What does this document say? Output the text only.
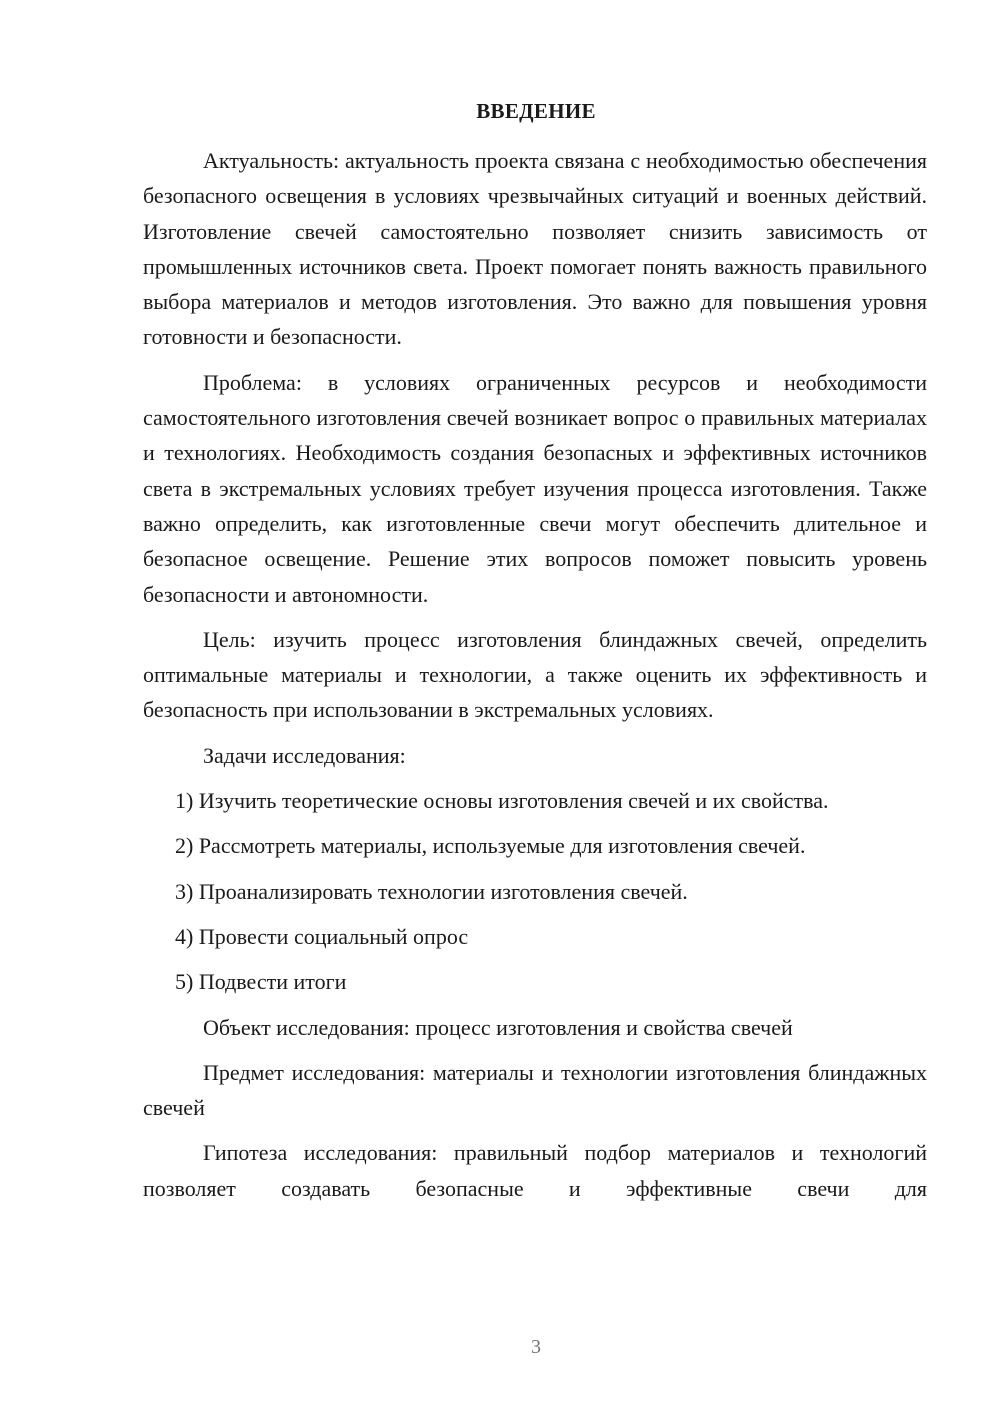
ВВЕДЕНИЕ

Актуальность: актуальность проекта связана с необходимостью обеспечения безопасного освещения в условиях чрезвычайных ситуаций и военных действий. Изготовление свечей самостоятельно позволяет снизить зависимость от промышленных источников света. Проект помогает понять важность правильного выбора материалов и методов изготовления. Это важно для повышения уровня готовности и безопасности.

Проблема: в условиях ограниченных ресурсов и необходимости самостоятельного изготовления свечей возникает вопрос о правильных материалах и технологиях. Необходимость создания безопасных и эффективных источников света в экстремальных условиях требует изучения процесса изготовления. Также важно определить, как изготовленные свечи могут обеспечить длительное и безопасное освещение. Решение этих вопросов поможет повысить уровень безопасности и автономности.

Цель: изучить процесс изготовления блиндажных свечей, определить оптимальные материалы и технологии, а также оценить их эффективность и безопасность при использовании в экстремальных условиях.

Задачи исследования:

1) Изучить теоретические основы изготовления свечей и их свойства.

2) Рассмотреть материалы, используемые для изготовления свечей.

3) Проанализировать технологии изготовления свечей.

4) Провести социальный опрос

5) Подвести итоги

Объект исследования: процесс изготовления и свойства свечей

Предмет исследования: материалы и технологии изготовления блиндажных свечей

Гипотеза исследования: правильный подбор материалов и технологий позволяет создавать безопасные и эффективные свечи для

3
